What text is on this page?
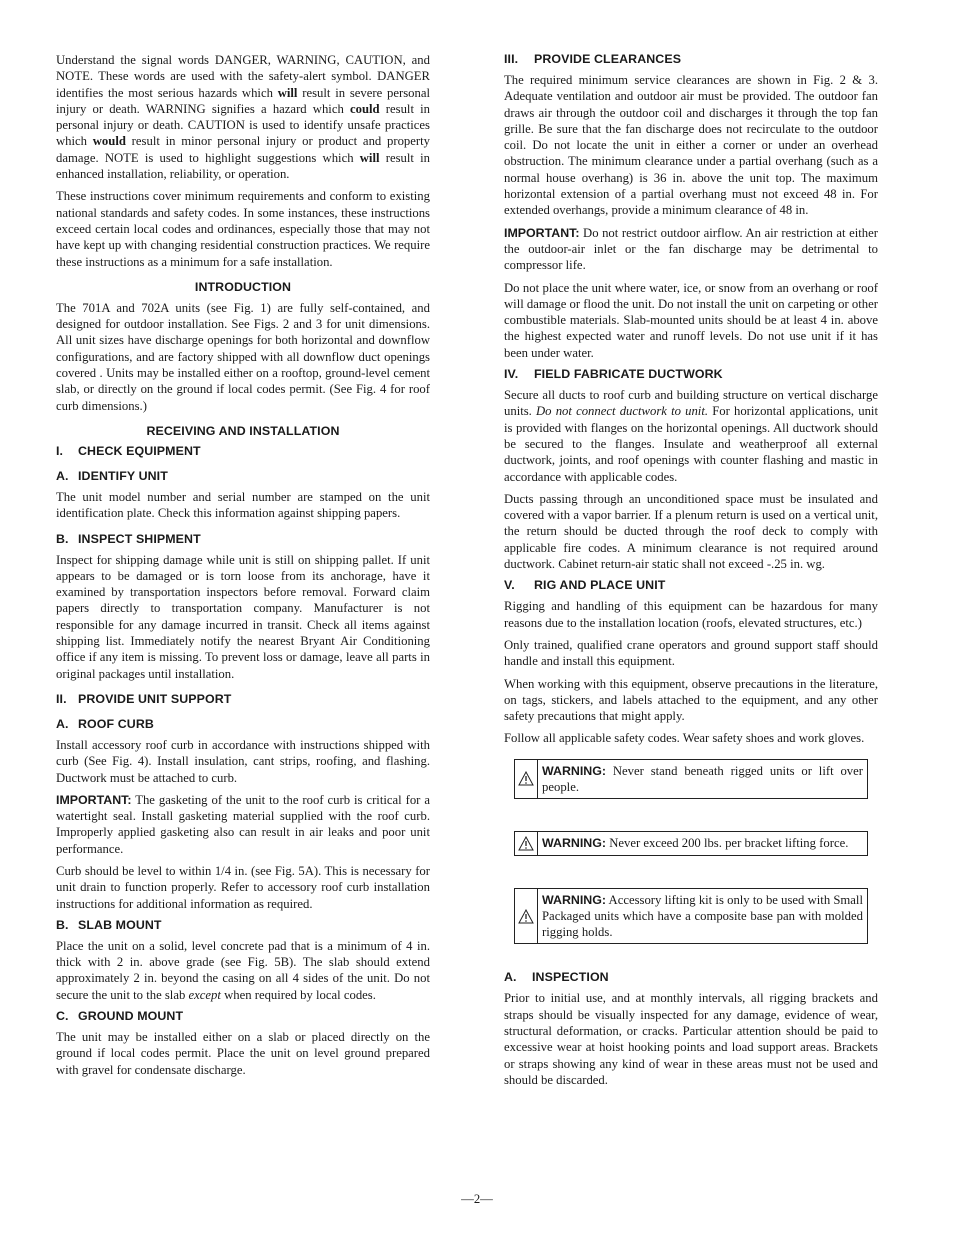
Understand the signal words DANGER, WARNING, CAUTION, and NOTE. These words are used with the safety-alert symbol. DANGER identifies the most serious hazards which will result in severe personal injury or death. WARNING signifies a hazard which could result in personal injury or death. CAUTION is used to identify unsafe practices which would result in minor personal injury or product and property damage. NOTE is used to highlight suggestions which will result in enhanced installation, reliability, or operation.

These instructions cover minimum requirements and conform to existing national standards and safety codes. In some instances, these instructions exceed certain local codes and ordinances, especially those that may not have kept up with changing residential construction practices. We require these instructions as a minimum for a safe installation.

INTRODUCTION

The 701A and 702A units (see Fig. 1) are fully self-contained, and designed for outdoor installation. See Figs. 2 and 3 for unit dimensions. All unit sizes have discharge openings for both horizontal and downflow configurations, and are factory shipped with all downflow duct openings covered . Units may be installed either on a rooftop, ground-level cement slab, or directly on the ground if local codes permit. (See Fig. 4 for roof curb dimensions.)

RECEIVING AND INSTALLATION
I. CHECK EQUIPMENT
A. IDENTIFY UNIT

The unit model number and serial number are stamped on the unit identification plate. Check this information against shipping papers.

B. INSPECT SHIPMENT

Inspect for shipping damage while unit is still on shipping pallet. If unit appears to be damaged or is torn loose from its anchorage, have it examined by transportation inspectors before removal. Forward claim papers directly to transportation company. Manufacturer is not responsible for any damage incurred in transit. Check all items against shipping list. Immediately notify the nearest Bryant Air Conditioning office if any item is missing. To prevent loss or damage, leave all parts in original packages until installation.

II. PROVIDE UNIT SUPPORT
A. ROOF CURB

Install accessory roof curb in accordance with instructions shipped with curb (See Fig. 4). Install insulation, cant strips, roofing, and flashing. Ductwork must be attached to curb.

IMPORTANT: The gasketing of the unit to the roof curb is critical for a watertight seal. Install gasketing material supplied with the roof curb. Improperly applied gasketing also can result in air leaks and poor unit performance.

Curb should be level to within 1/4 in. (see Fig. 5A). This is necessary for unit drain to function properly. Refer to accessory roof curb installation instructions for additional information as required.

B. SLAB MOUNT

Place the unit on a solid, level concrete pad that is a minimum of 4 in. thick with 2 in. above grade (see Fig. 5B). The slab should extend approximately 2 in. beyond the casing on all 4 sides of the unit. Do not secure the unit to the slab except when required by local codes.

C. GROUND MOUNT

The unit may be installed either on a slab or placed directly on the ground if local codes permit. Place the unit on level ground prepared with gravel for condensate discharge.

III. PROVIDE CLEARANCES

The required minimum service clearances are shown in Fig. 2 & 3. Adequate ventilation and outdoor air must be provided. The outdoor fan draws air through the outdoor coil and discharges it through the top fan grille. Be sure that the fan discharge does not recirculate to the outdoor coil. Do not locate the unit in either a corner or under an overhead obstruction. The minimum clearance under a partial overhang (such as a normal house overhang) is 36 in. above the unit top. The maximum horizontal extension of a partial overhang must not exceed 48 in. For extended overhangs, provide a minimum clearance of 48 in.

IMPORTANT: Do not restrict outdoor airflow. An air restriction at either the outdoor-air inlet or the fan discharge may be detrimental to compressor life.

Do not place the unit where water, ice, or snow from an overhang or roof will damage or flood the unit. Do not install the unit on carpeting or other combustible materials. Slab-mounted units should be at least 4 in. above the highest expected water and runoff levels. Do not use unit if it has been under water.

IV. FIELD FABRICATE DUCTWORK

Secure all ducts to roof curb and building structure on vertical discharge units. Do not connect ductwork to unit. For horizontal applications, unit is provided with flanges on the horizontal openings. All ductwork should be secured to the flanges. Insulate and weatherproof all external ductwork, joints, and roof openings with counter flashing and mastic in accordance with applicable codes.

Ducts passing through an unconditioned space must be insulated and covered with a vapor barrier. If a plenum return is used on a vertical unit, the return should be ducted through the roof deck to comply with applicable fire codes. A minimum clearance is not required around ductwork. Cabinet return-air static shall not exceed -.25 in. wg.

V. RIG AND PLACE UNIT

Rigging and handling of this equipment can be hazardous for many reasons due to the installation location (roofs, elevated structures, etc.)

Only trained, qualified crane operators and ground support staff should handle and install this equipment.

When working with this equipment, observe precautions in the literature, on tags, stickers, and labels attached to the equipment, and any other safety precautions that might apply.

Follow all applicable safety codes. Wear safety shoes and work gloves.

WARNING: Never stand beneath rigged units or lift over people.
WARNING: Never exceed 200 lbs. per bracket lifting force.
WARNING: Accessory lifting kit is only to be used with Small Packaged units which have a composite base pan with molded rigging holds.
A. INSPECTION

Prior to initial use, and at monthly intervals, all rigging brackets and straps should be visually inspected for any damage, evidence of wear, structural deformation, or cracks. Particular attention should be paid to excessive wear at hoist hooking points and load support areas. Brackets or straps showing any kind of wear in these areas must not be used and should be discarded.

—2—
